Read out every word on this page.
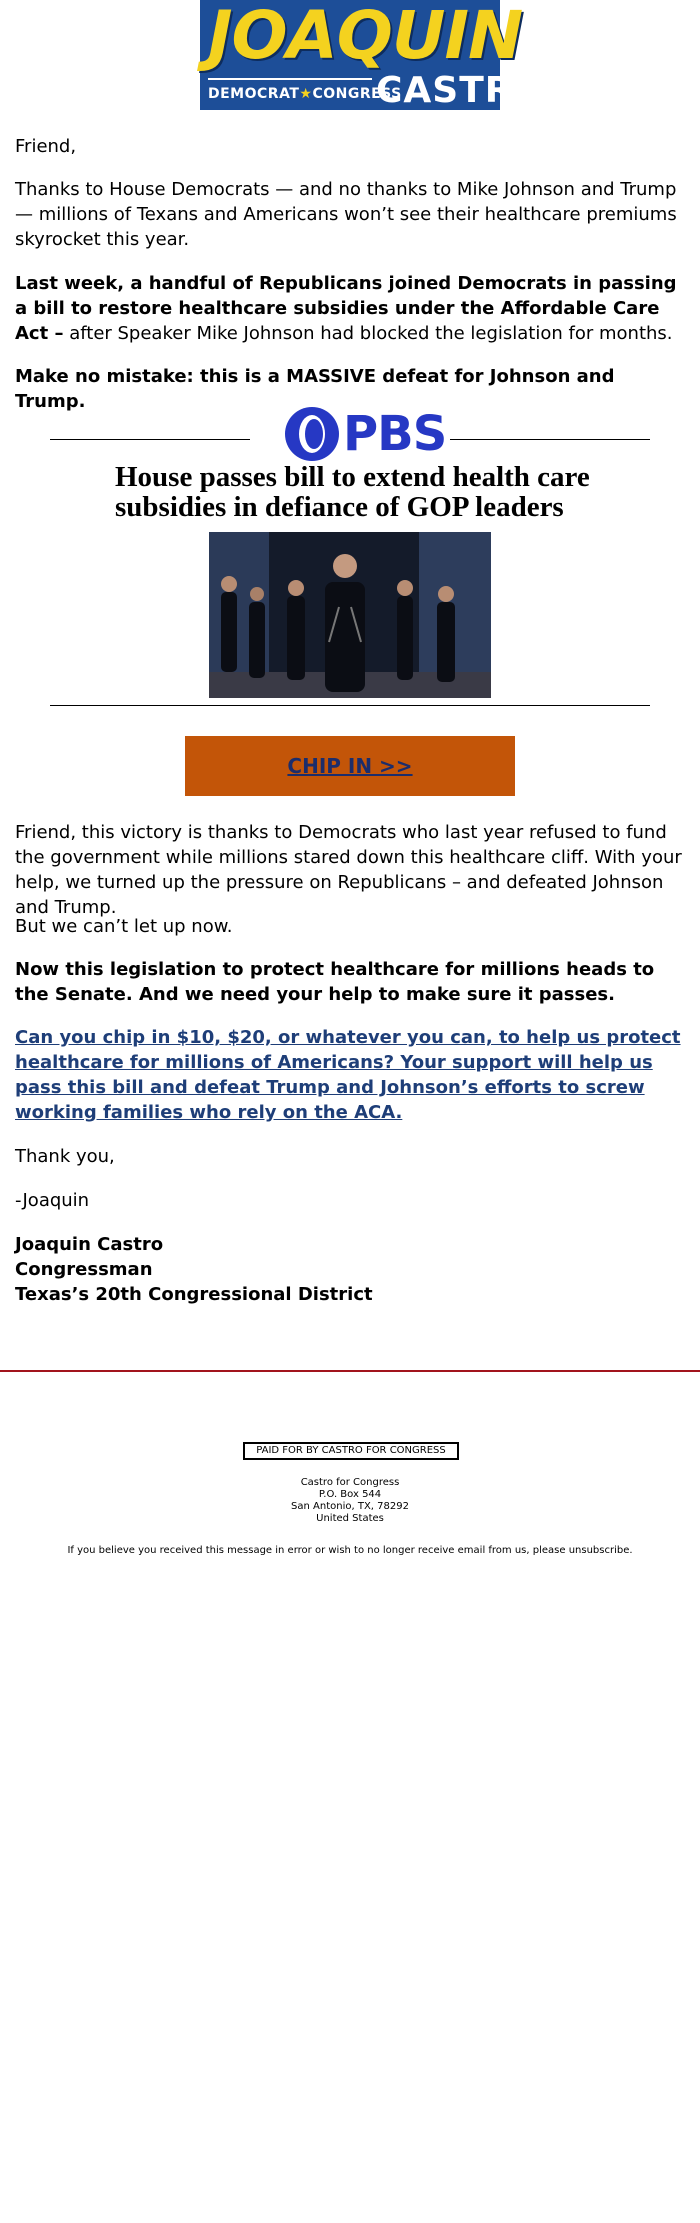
JOAQUIN
DEMOCRAT★CONGRESS
CASTRO

Friend,

Thanks to House Democrats — and no thanks to Mike Johnson and Trump — millions of Texans and Americans won’t see their healthcare premiums skyrocket this year.

Last week, a handful of Republicans joined Democrats in passing a bill to restore healthcare subsidies under the Affordable Care Act – after Speaker Mike Johnson had blocked the legislation for months.

Make no mistake: this is a MASSIVE defeat for Johnson and Trump.

PBS
House passes bill to extend health care subsidies in defiance of GOP leaders
CHIP IN >>

Friend, this victory is thanks to Democrats who last year refused to fund the government while millions stared down this healthcare cliff. With your help, we turned up the pressure on Republicans – and defeated Johnson and Trump.

But we can’t let up now.

Now this legislation to protect healthcare for millions heads to the Senate. And we need your help to make sure it passes.

Can you chip in $10, $20, or whatever you can, to help us protect healthcare for millions of Americans? Your support will help us pass this bill and defeat Trump and Johnson’s efforts to screw working families who rely on the ACA.

Thank you,

-Joaquin

Joaquin Castro

Congressman

Texas’s 20th Congressional District

PAID FOR BY CASTRO FOR CONGRESS
Castro for Congress
P.O. Box 544
San Antonio, TX, 78292
United States
If you believe you received this message in error or wish to no longer receive email from us, please unsubscribe.
